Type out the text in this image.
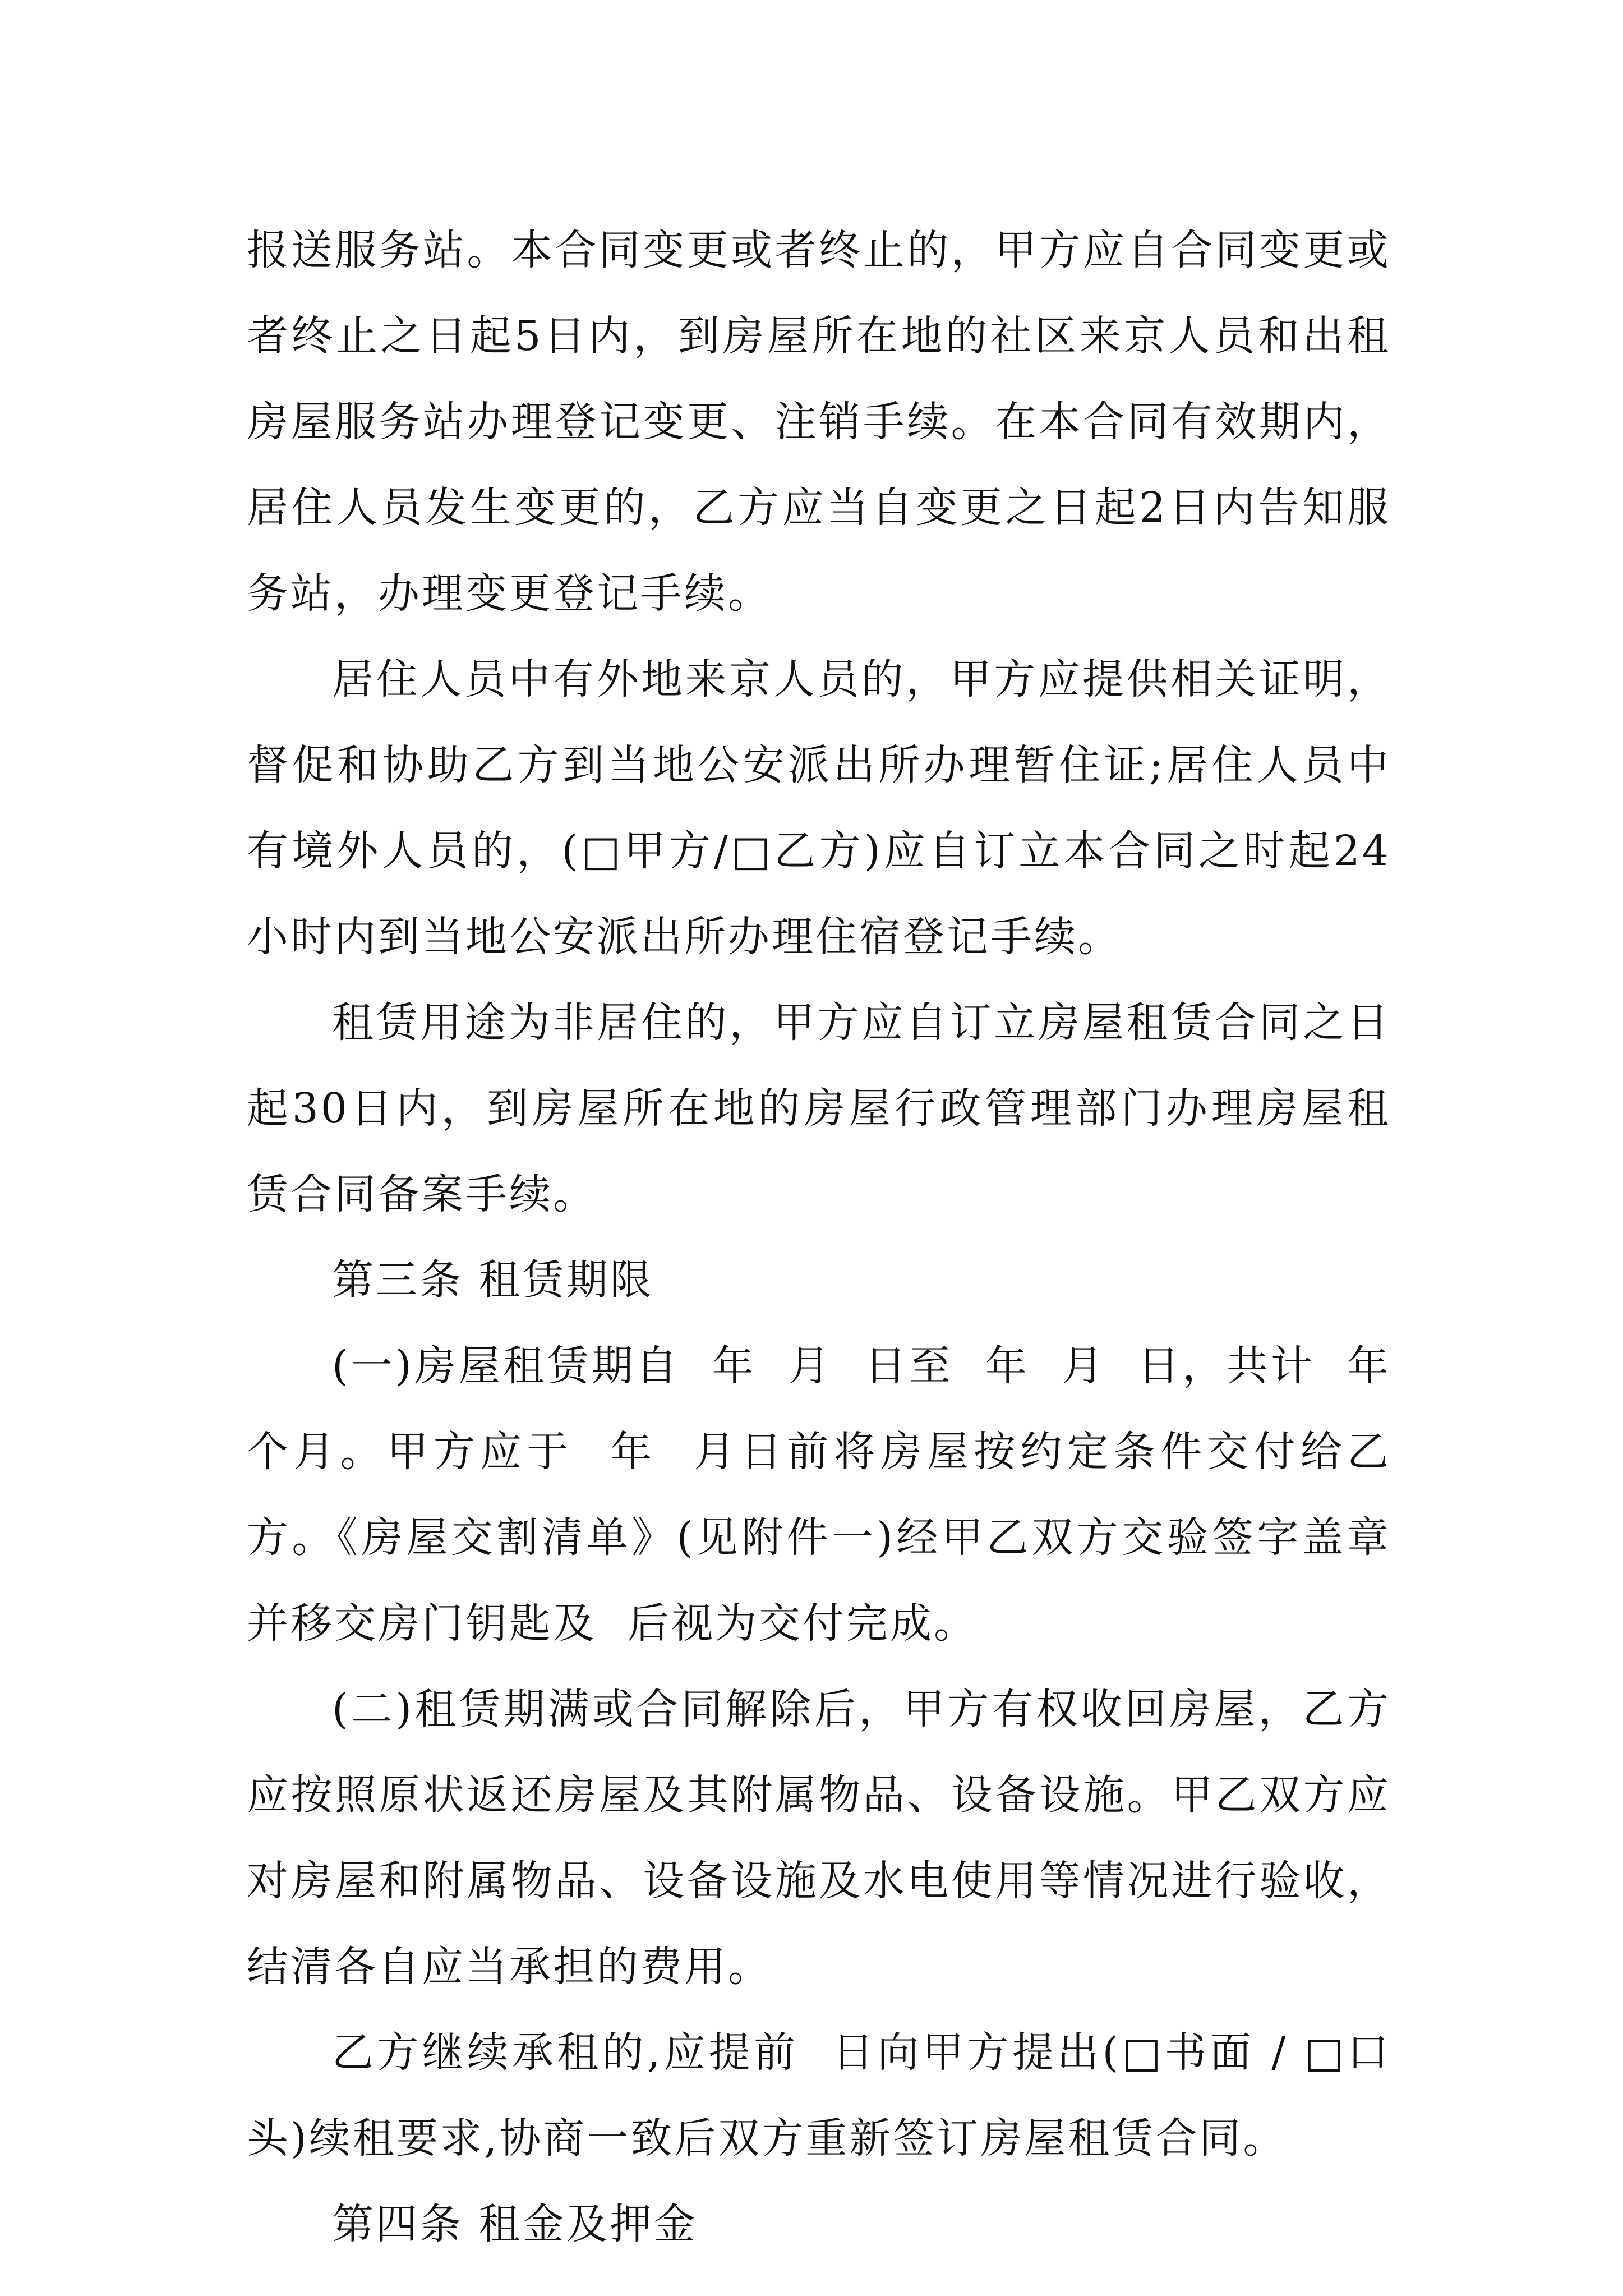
报送服务站。本合同变更或者终止的，甲方应自合同变更或者终止之日起5日内，到房屋所在地的社区来京人员和出租房屋服务站办理登记变更、注销手续。在本合同有效期内，居住人员发生变更的，乙方应当自变更之日起2日内告知服务站，办理变更登记手续。

居住人员中有外地来京人员的，甲方应提供相关证明，督促和协助乙方到当地公安派出所办理暂住证;居住人员中有境外人员的，(□甲方/□乙方)应自订立本合同之时起24小时内到当地公安派出所办理住宿登记手续。

租赁用途为非居住的，甲方应自订立房屋租赁合同之日起30日内，到房屋所在地的房屋行政管理部门办理房屋租赁合同备案手续。

第三条 租赁期限

(一)房屋租赁期自  年  月  日至  年  月  日，共计  年  个月。甲方应于  年  月日前将房屋按约定条件交付给乙方。《房屋交割清单》(见附件一)经甲乙双方交验签字盖章并移交房门钥匙及  后视为交付完成。

(二)租赁期满或合同解除后，甲方有权收回房屋，乙方应按照原状返还房屋及其附属物品、设备设施。甲乙双方应对房屋和附属物品、设备设施及水电使用等情况进行验收，结清各自应当承担的费用。

乙方继续承租的,应提前  日向甲方提出(□书面 / □口头)续租要求,协商一致后双方重新签订房屋租赁合同。

第四条 租金及押金
